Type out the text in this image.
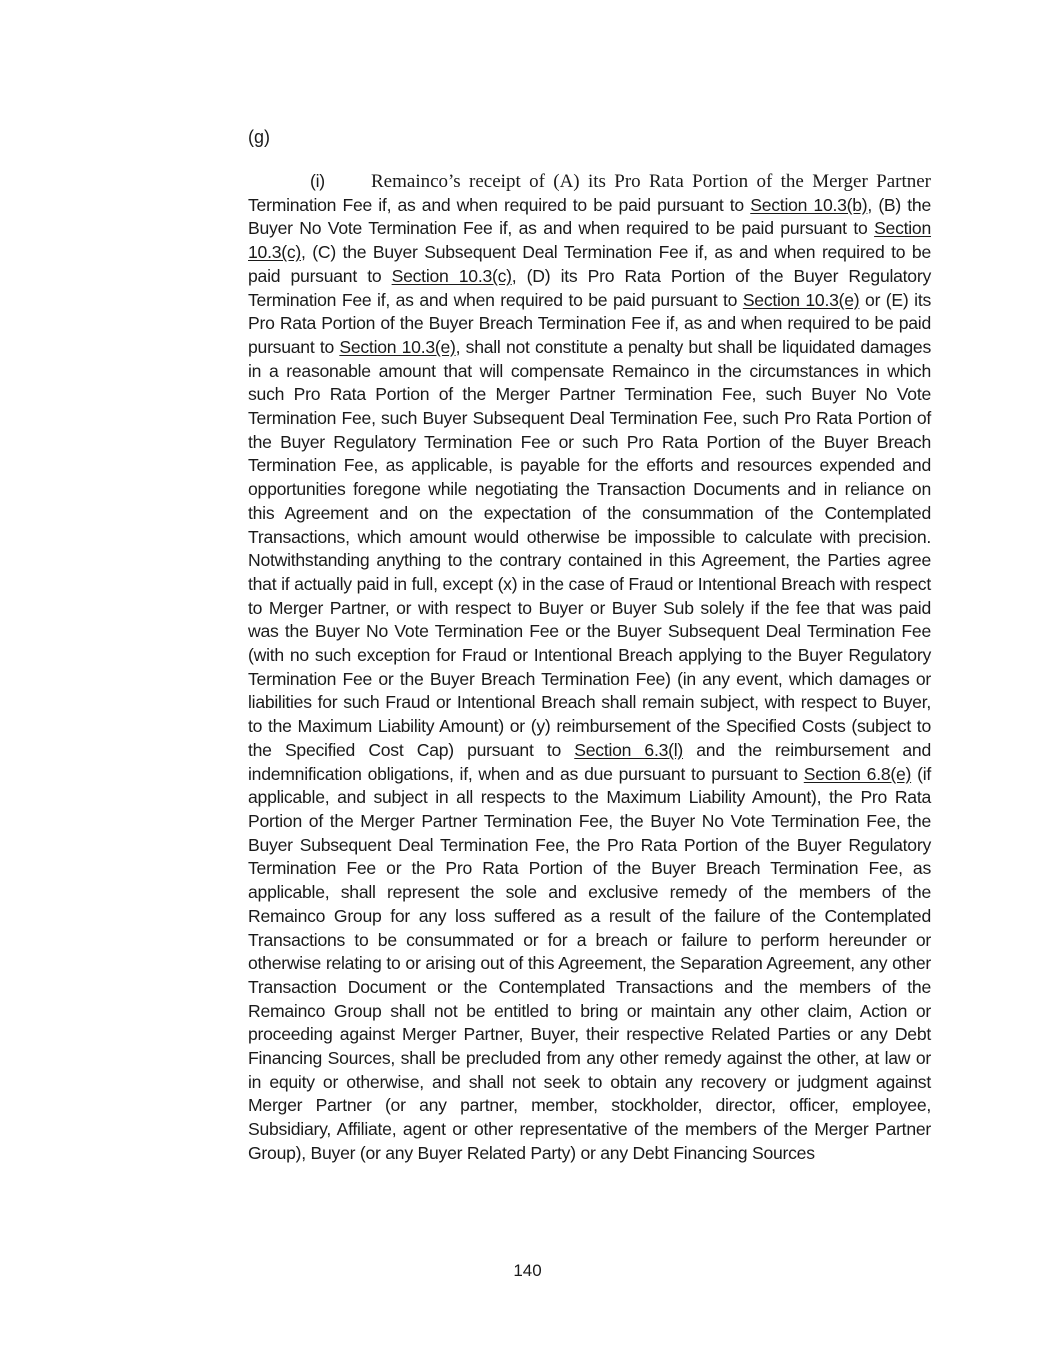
(g)

(i) Remainco’s receipt of (A) its Pro Rata Portion of the Merger Partner Termination Fee if, as and when required to be paid pursuant to Section 10.3(b), (B) the Buyer No Vote Termination Fee if, as and when required to be paid pursuant to Section 10.3(c), (C) the Buyer Subsequent Deal Termination Fee if, as and when required to be paid pursuant to Section 10.3(c), (D) its Pro Rata Portion of the Buyer Regulatory Termination Fee if, as and when required to be paid pursuant to Section 10.3(e) or (E) its Pro Rata Portion of the Buyer Breach Termination Fee if, as and when required to be paid pursuant to Section 10.3(e), shall not constitute a penalty but shall be liquidated damages in a reasonable amount that will compensate Remainco in the circumstances in which such Pro Rata Portion of the Merger Partner Termination Fee, such Buyer No Vote Termination Fee, such Buyer Subsequent Deal Termination Fee, such Pro Rata Portion of the Buyer Regulatory Termination Fee or such Pro Rata Portion of the Buyer Breach Termination Fee, as applicable, is payable for the efforts and resources expended and opportunities foregone while negotiating the Transaction Documents and in reliance on this Agreement and on the expectation of the consummation of the Contemplated Transactions, which amount would otherwise be impossible to calculate with precision. Notwithstanding anything to the contrary contained in this Agreement, the Parties agree that if actually paid in full, except (x) in the case of Fraud or Intentional Breach with respect to Merger Partner, or with respect to Buyer or Buyer Sub solely if the fee that was paid was the Buyer No Vote Termination Fee or the Buyer Subsequent Deal Termination Fee (with no such exception for Fraud or Intentional Breach applying to the Buyer Regulatory Termination Fee or the Buyer Breach Termination Fee) (in any event, which damages or liabilities for such Fraud or Intentional Breach shall remain subject, with respect to Buyer, to the Maximum Liability Amount) or (y) reimbursement of the Specified Costs (subject to the Specified Cost Cap) pursuant to Section 6.3(l) and the reimbursement and indemnification obligations, if, when and as due pursuant to pursuant to Section 6.8(e) (if applicable, and subject in all respects to the Maximum Liability Amount), the Pro Rata Portion of the Merger Partner Termination Fee, the Buyer No Vote Termination Fee, the Buyer Subsequent Deal Termination Fee, the Pro Rata Portion of the Buyer Regulatory Termination Fee or the Pro Rata Portion of the Buyer Breach Termination Fee, as applicable, shall represent the sole and exclusive remedy of the members of the Remainco Group for any loss suffered as a result of the failure of the Contemplated Transactions to be consummated or for a breach or failure to perform hereunder or otherwise relating to or arising out of this Agreement, the Separation Agreement, any other Transaction Document or the Contemplated Transactions and the members of the Remainco Group shall not be entitled to bring or maintain any other claim, Action or proceeding against Merger Partner, Buyer, their respective Related Parties or any Debt Financing Sources, shall be precluded from any other remedy against the other, at law or in equity or otherwise, and shall not seek to obtain any recovery or judgment against Merger Partner (or any partner, member, stockholder, director, officer, employee, Subsidiary, Affiliate, agent or other representative of the members of the Merger Partner Group), Buyer (or any Buyer Related Party) or any Debt Financing Sources

140
